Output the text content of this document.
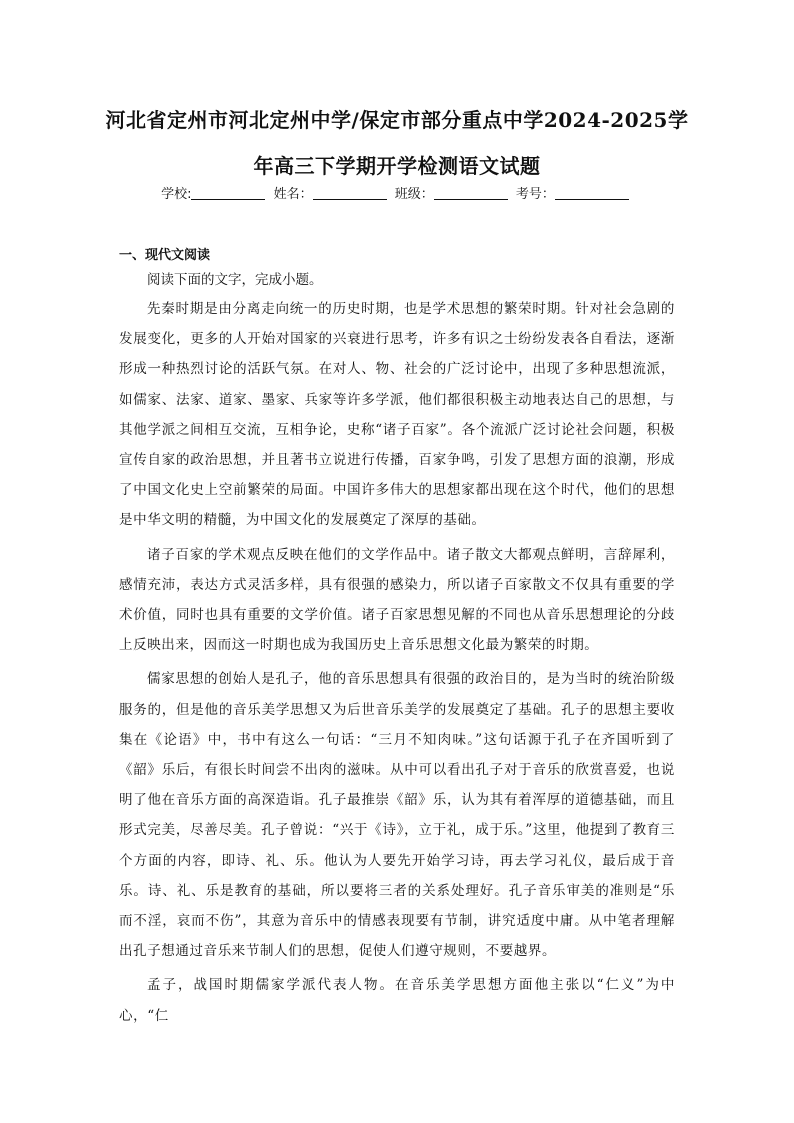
河北省定州市河北定州中学/保定市部分重点中学2024-2025学
年高三下学期开学检测语文试题
学校:	姓名：	班级：	考号：
一、现代文阅读
阅读下面的文字，完成小题。

先秦时期是由分离走向统一的历史时期，也是学术思想的繁荣时期。针对社会急剧的发展变化，更多的人开始对国家的兴衰进行思考，许多有识之士纷纷发表各自看法，逐渐形成一种热烈讨论的活跃气氛。在对人、物、社会的广泛讨论中，出现了多种思想流派，如儒家、法家、道家、墨家、兵家等许多学派，他们都很积极主动地表达自己的思想，与其他学派之间相互交流，互相争论，史称“诸子百家”。各个流派广泛讨论社会问题，积极宣传自家的政治思想，并且著书立说进行传播，百家争鸣，引发了思想方面的浪潮，形成了中国文化史上空前繁荣的局面。中国许多伟大的思想家都出现在这个时代，他们的思想是中华文明的精髓，为中国文化的发展奠定了深厚的基础。

诸子百家的学术观点反映在他们的文学作品中。诸子散文大都观点鲜明，言辞犀利，感情充沛，表达方式灵活多样，具有很强的感染力，所以诸子百家散文不仅具有重要的学术价值，同时也具有重要的文学价值。诸子百家思想见解的不同也从音乐思想理论的分歧上反映出来，因而这一时期也成为我国历史上音乐思想文化最为繁荣的时期。

儒家思想的创始人是孔子，他的音乐思想具有很强的政治目的，是为当时的统治阶级服务的，但是他的音乐美学思想又为后世音乐美学的发展奠定了基础。孔子的思想主要收集在《论语》中，书中有这么一句话：“三月不知肉味。”这句话源于孔子在齐国听到了《韶》乐后，有很长时间尝不出肉的滋味。从中可以看出孔子对于音乐的欣赏喜爱，也说明了他在音乐方面的高深造诣。孔子最推崇《韶》乐，认为其有着浑厚的道德基础，而且形式完美，尽善尽美。孔子曾说：“兴于《诗》，立于礼，成于乐。”这里，他提到了教育三个方面的内容，即诗、礼、乐。他认为人要先开始学习诗，再去学习礼仪，最后成于音乐。诗、礼、乐是教育的基础，所以要将三者的关系处理好。孔子音乐审美的准则是“乐而不淫，哀而不伤”，其意为音乐中的情感表现要有节制，讲究适度中庸。从中笔者理解出孔子想通过音乐来节制人们的思想，促使人们遵守规则，不要越界。

孟子，战国时期儒家学派代表人物。在音乐美学思想方面他主张以“仁义”为中心，“仁
